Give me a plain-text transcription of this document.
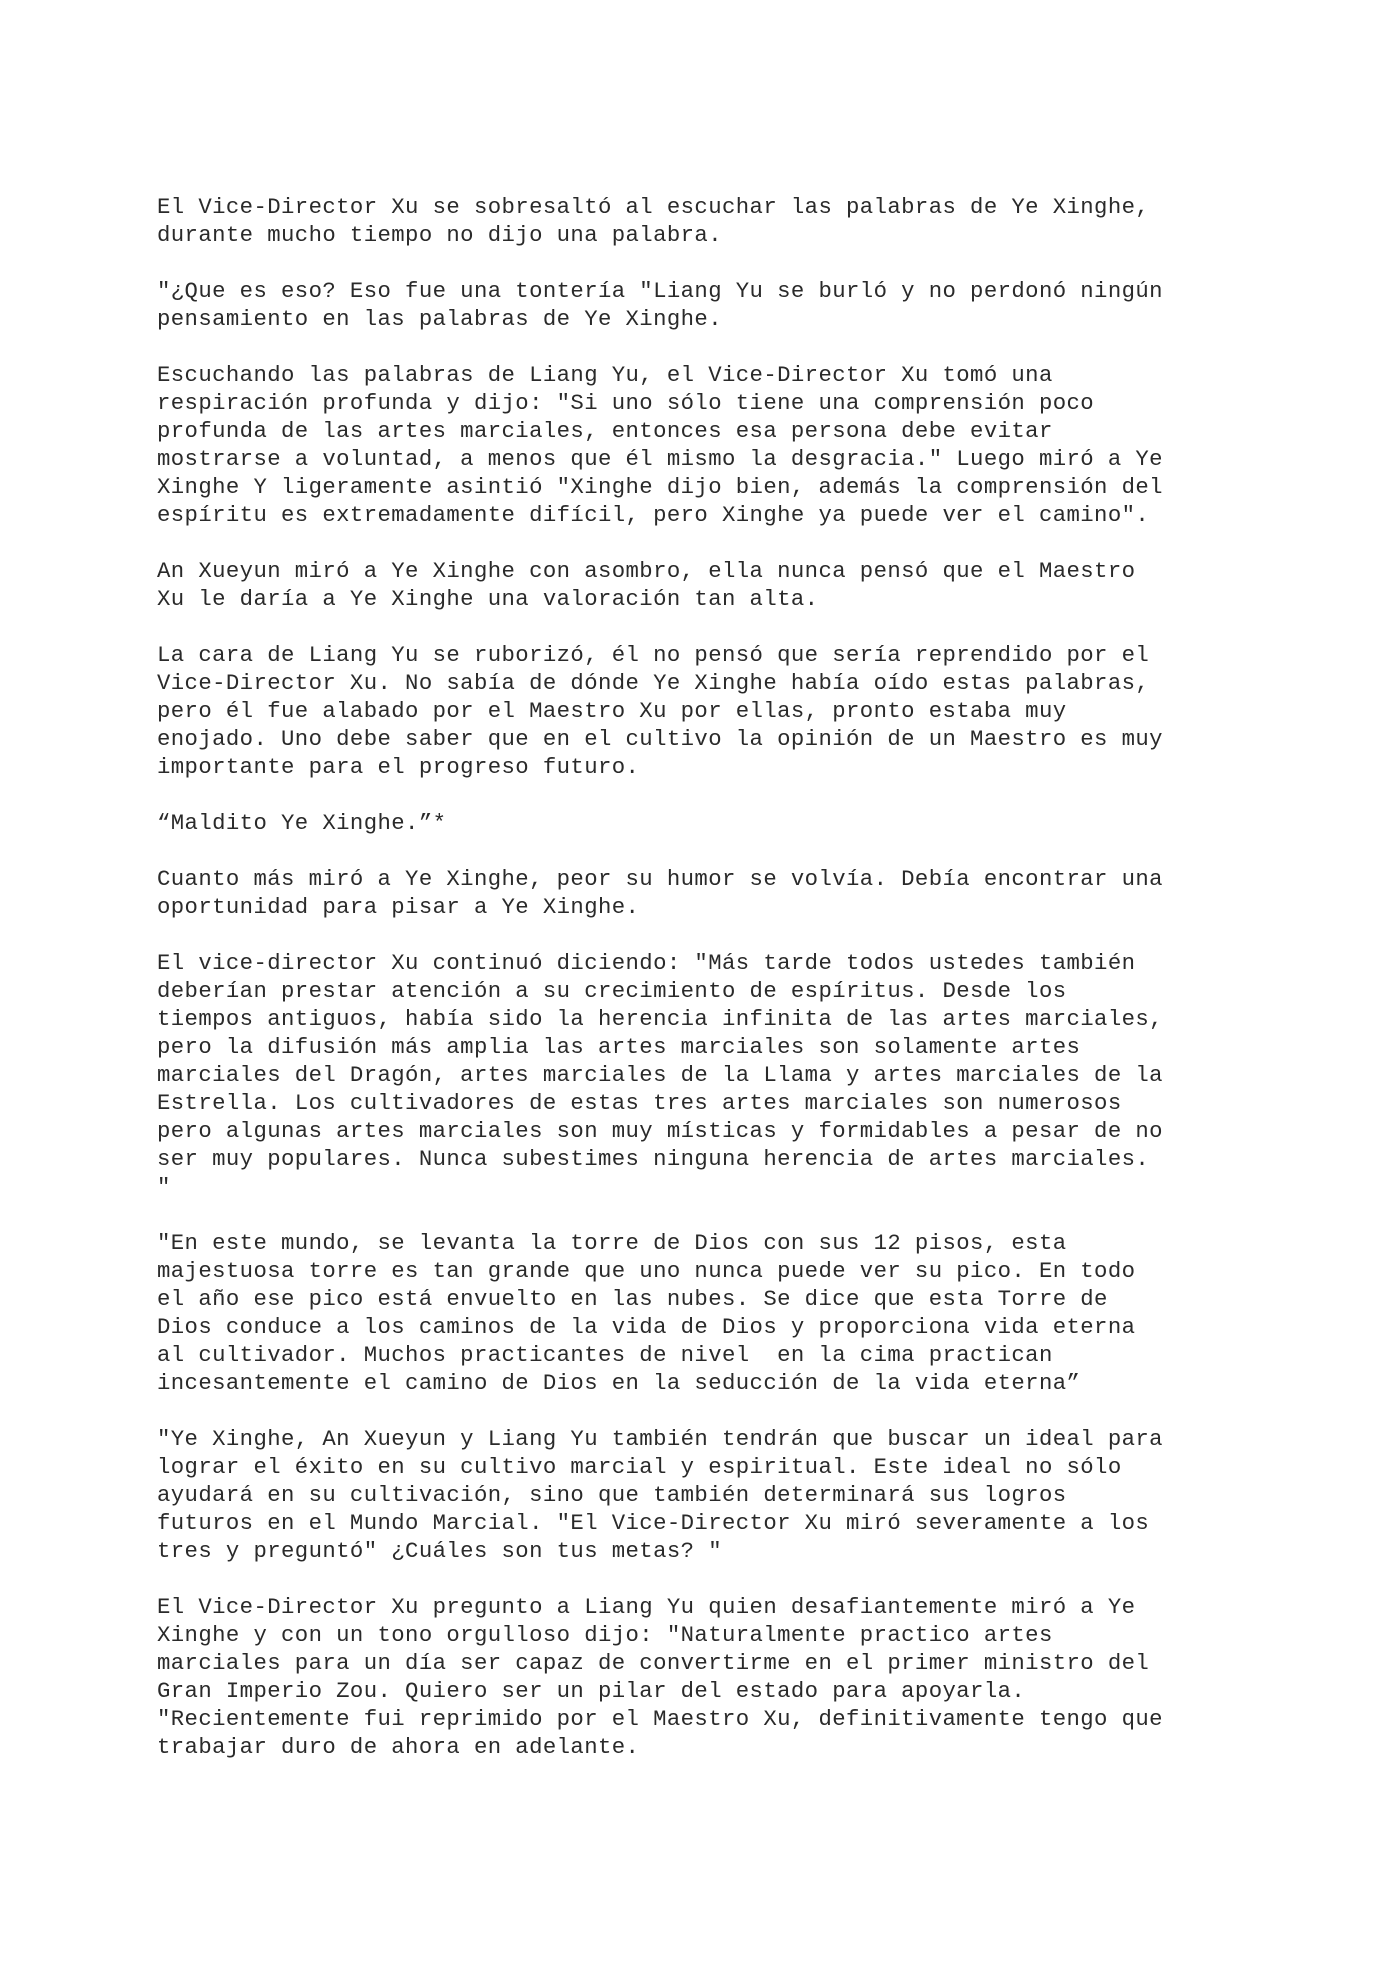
El Vice-Director Xu se sobresaltó al escuchar las palabras de Ye Xinghe,
durante mucho tiempo no dijo una palabra.

"¿Que es eso? Eso fue una tontería "Liang Yu se burló y no perdonó ningún
pensamiento en las palabras de Ye Xinghe.

Escuchando las palabras de Liang Yu, el Vice-Director Xu tomó una
respiración profunda y dijo: "Si uno sólo tiene una comprensión poco
profunda de las artes marciales, entonces esa persona debe evitar
mostrarse a voluntad, a menos que él mismo la desgracia." Luego miró a Ye
Xinghe Y ligeramente asintió "Xinghe dijo bien, además la comprensión del
espíritu es extremadamente difícil, pero Xinghe ya puede ver el camino".

An Xueyun miró a Ye Xinghe con asombro, ella nunca pensó que el Maestro
Xu le daría a Ye Xinghe una valoración tan alta.

La cara de Liang Yu se ruborizó, él no pensó que sería reprendido por el
Vice-Director Xu. No sabía de dónde Ye Xinghe había oído estas palabras,
pero él fue alabado por el Maestro Xu por ellas, pronto estaba muy
enojado. Uno debe saber que en el cultivo la opinión de un Maestro es muy
importante para el progreso futuro.

“Maldito Ye Xinghe.”*

Cuanto más miró a Ye Xinghe, peor su humor se volvía. Debía encontrar una
oportunidad para pisar a Ye Xinghe.

El vice-director Xu continuó diciendo: "Más tarde todos ustedes también
deberían prestar atención a su crecimiento de espíritus. Desde los
tiempos antiguos, había sido la herencia infinita de las artes marciales,
pero la difusión más amplia las artes marciales son solamente artes
marciales del Dragón, artes marciales de la Llama y artes marciales de la
Estrella. Los cultivadores de estas tres artes marciales son numerosos
pero algunas artes marciales son muy místicas y formidables a pesar de no
ser muy populares. Nunca subestimes ninguna herencia de artes marciales.
"

"En este mundo, se levanta la torre de Dios con sus 12 pisos, esta
majestuosa torre es tan grande que uno nunca puede ver su pico. En todo
el año ese pico está envuelto en las nubes. Se dice que esta Torre de
Dios conduce a los caminos de la vida de Dios y proporciona vida eterna
al cultivador. Muchos practicantes de nivel  en la cima practican
incesantemente el camino de Dios en la seducción de la vida eterna”

"Ye Xinghe, An Xueyun y Liang Yu también tendrán que buscar un ideal para
lograr el éxito en su cultivo marcial y espiritual. Este ideal no sólo
ayudará en su cultivación, sino que también determinará sus logros
futuros en el Mundo Marcial. "El Vice-Director Xu miró severamente a los
tres y preguntó" ¿Cuáles son tus metas? "

El Vice-Director Xu pregunto a Liang Yu quien desafiantemente miró a Ye
Xinghe y con un tono orgulloso dijo: "Naturalmente practico artes
marciales para un día ser capaz de convertirme en el primer ministro del
Gran Imperio Zou. Quiero ser un pilar del estado para apoyarla.
"Recientemente fui reprimido por el Maestro Xu, definitivamente tengo que
trabajar duro de ahora en adelante.
